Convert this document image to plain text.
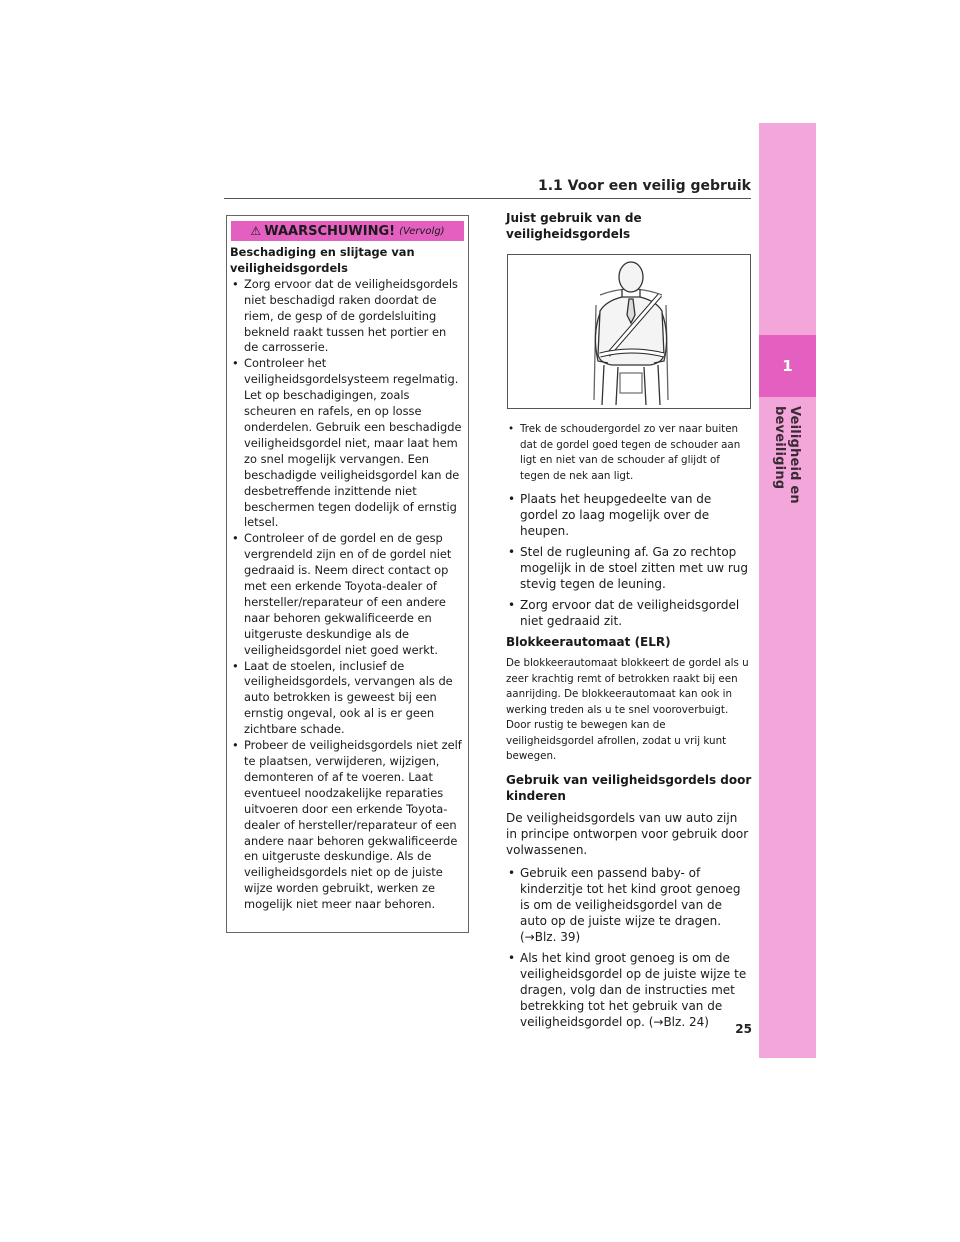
1
Veiligheid en beveiliging
1.1 Voor een veilig gebruik
⚠ WAARSCHUWING! (Vervolg)

Beschadiging en slijtage van veiligheidsgordels

• Zorg ervoor dat de veiligheidsgordels niet beschadigd raken doordat de riem, de gesp of de gordelsluiting bekneld raakt tussen het portier en de carrosserie.

• Controleer het veiligheidsgordelsysteem regelmatig. Let op beschadigingen, zoals scheuren en rafels, en op losse onderdelen. Gebruik een beschadigde veiligheidsgordel niet, maar laat hem zo snel mogelijk vervangen. Een beschadigde veiligheidsgordel kan de desbetreffende inzittende niet beschermen tegen dodelijk of ernstig letsel.

• Controleer of de gordel en de gesp vergrendeld zijn en of de gordel niet gedraaid is. Neem direct contact op met een erkende Toyota-dealer of hersteller/reparateur of een andere naar behoren gekwalificeerde en uitgeruste deskundige als de veiligheidsgordel niet goed werkt.

• Laat de stoelen, inclusief de veiligheidsgordels, vervangen als de auto betrokken is geweest bij een ernstig ongeval, ook al is er geen zichtbare schade.

• Probeer de veiligheidsgordels niet zelf te plaatsen, verwijderen, wijzigen, demonteren of af te voeren. Laat eventueel noodzakelijke reparaties uitvoeren door een erkende Toyota-dealer of hersteller/reparateur of een andere naar behoren gekwalificeerde en uitgeruste deskundige. Als de veiligheidsgordels niet op de juiste wijze worden gebruikt, werken ze mogelijk niet meer naar behoren.

Juist gebruik van de veiligheidsgordels

• Trek de schoudergordel zo ver naar buiten dat de gordel goed tegen de schouder aan ligt en niet van de schouder af glijdt of tegen de nek aan ligt.

• Plaats het heupgedeelte van de gordel zo laag mogelijk over de heupen.

• Stel de rugleuning af. Ga zo rechtop mogelijk in de stoel zitten met uw rug stevig tegen de leuning.

• Zorg ervoor dat de veiligheidsgordel niet gedraaid zit.

Blokkeerautomaat (ELR)

De blokkeerautomaat blokkeert de gordel als u zeer krachtig remt of betrokken raakt bij een aanrijding. De blokkeerautomaat kan ook in werking treden als u te snel vooroverbuigt. Door rustig te bewegen kan de veiligheidsgordel afrollen, zodat u vrij kunt bewegen.

Gebruik van veiligheidsgordels door kinderen

De veiligheidsgordels van uw auto zijn in principe ontworpen voor gebruik door volwassenen.

• Gebruik een passend baby- of kinderzitje tot het kind groot genoeg is om de veiligheidsgordel van de auto op de juiste wijze te dragen. (→Blz. 39)

• Als het kind groot genoeg is om de veiligheidsgordel op de juiste wijze te dragen, volg dan de instructies met betrekking tot het gebruik van de veiligheidsgordel op. (→Blz. 24)

25
